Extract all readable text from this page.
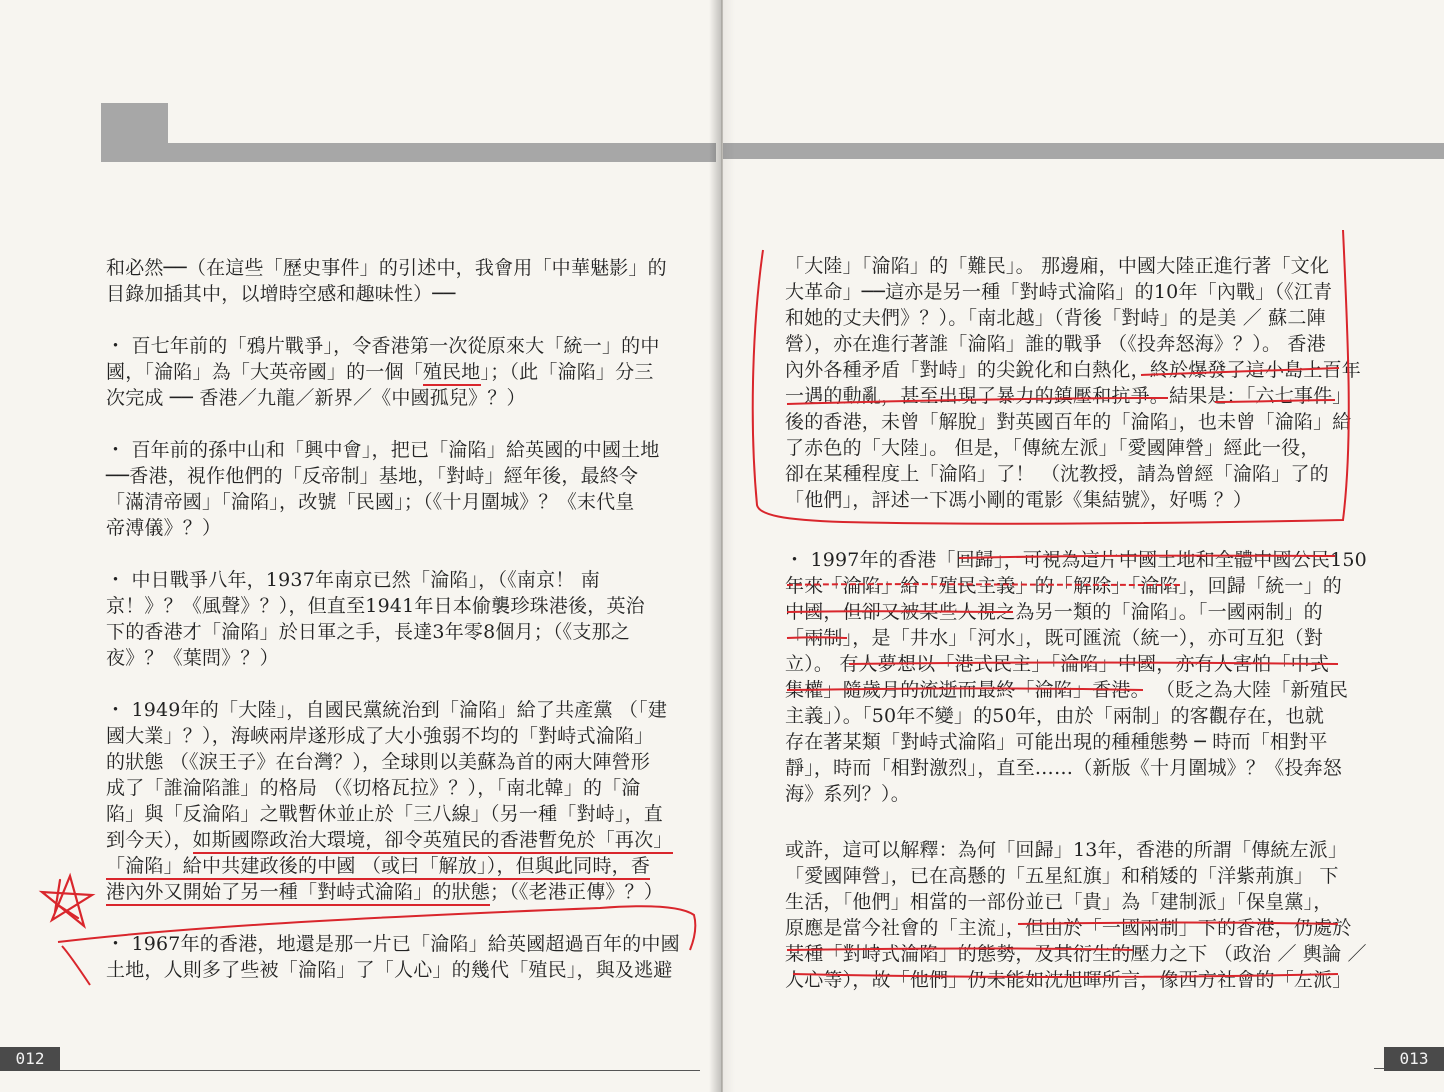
和必然──（在這些「歷史事件」的引述中，我會用「中華魅影」的
目錄加插其中，以增時空感和趣味性）──
・ 百七年前的「鴉片戰爭」，令香港第一次從原來大「統一」的中
國，「淪陷」為「大英帝國」的一個「殖民地」；（此「淪陷」分三
次完成 ── 香港／九龍／新界／《中國孤兒》？）
・ 百年前的孫中山和「興中會」，把已「淪陷」給英國的中國土地
──香港，視作他們的「反帝制」基地，「對峙」經年後，最終令
「滿清帝國」「淪陷」，改號「民國」；（《十月圍城》？《末代皇
帝溥儀》？）
・ 中日戰爭八年，1937年南京已然「淪陷」，（《南京！ 南
京！》？《風聲》？），但直至1941年日本偷襲珍珠港後，英治
下的香港才「淪陷」於日軍之手，長達3年零8個月；（《支那之
夜》？《葉問》？）
・ 1949年的「大陸」，自國民黨統治到「淪陷」給了共產黨 （「建
國大業」？），海峽兩岸遂形成了大小強弱不均的「對峙式淪陷」
的狀態 （《淚王子》在台灣？），全球則以美蘇為首的兩大陣營形
成了「誰淪陷誰」的格局 （《切格瓦拉》？），「南北韓」的「淪
陷」與「反淪陷」之戰暫休並止於「三八線」（另一種「對峙」，直
到今天），如斯國際政治大環境，卻令英殖民的香港暫免於「再次」
「淪陷」給中共建政後的中國 （或曰「解放」），但與此同時，香
港內外又開始了另一種「對峙式淪陷」的狀態；（《老港正傳》？）
・ 1967年的香港，地還是那一片已「淪陷」給英國超過百年的中國
土地，人則多了些被「淪陷」了「人心」的幾代「殖民」，與及逃避
012
「大陸」「淪陷」的「難民」。 那邊廂，中國大陸正進行著「文化
大革命」──這亦是另一種「對峙式淪陷」的10年「內戰」（《江青
和她的丈夫們》？）。「南北越」（背後「對峙」的是美 ／ 蘇二陣
營），亦在進行著誰「淪陷」誰的戰爭 （《投奔怒海》？）。 香港
內外各種矛盾「對峙」的尖銳化和白熱化，終於爆發了這小島上百年
一遇的動亂，甚至出現了暴力的鎮壓和抗爭。結果是：「六七事件」
後的香港，未曾「解脫」對英國百年的「淪陷」，也未曾「淪陷」給
了赤色的「大陸」。 但是，「傳統左派」「愛國陣營」經此一役，
卻在某種程度上「淪陷」了！ （沈教授，請為曾經「淪陷」了的
「他們」，評述一下馮小剛的電影《集結號》，好嗎 ？）
・ 1997年的香港「回歸」，可視為這片中國土地和全體中國公民150
年來「淪陷」給「殖民主義」的「解除」「淪陷」，回歸「統一」的
中國，但卻又被某些人視之為另一類的「淪陷」。「一國兩制」的
「兩制」，是「井水」「河水」，既可匯流（統一），亦可互犯（對
立）。 有人夢想以「港式民主」「淪陷」中國，亦有人害怕「中式
集權」隨歲月的流逝而最終「淪陷」香港。 （貶之為大陸「新殖民
主義」）。「50年不變」的50年，由於「兩制」的客觀存在，也就
存在著某類「對峙式淪陷」可能出現的種種態勢 ─ 時而「相對平
靜」，時而「相對激烈」，直至……（新版《十月圍城》？《投奔怒
海》系列？）。
或許，這可以解釋：為何「回歸」13年，香港的所謂「傳統左派」
「愛國陣營」，已在高懸的「五星紅旗」和稍矮的「洋紫荊旗」 下
生活，「他們」相當的一部份並已「貴」為「建制派」「保皇黨」，
原應是當今社會的「主流」，但由於「一國兩制」下的香港，仍處於
某種「對峙式淪陷」的態勢，及其衍生的壓力之下 （政治 ／ 輿論 ／
人心等），故「他們」仍未能如沈旭暉所言，像西方社會的「左派」
013
